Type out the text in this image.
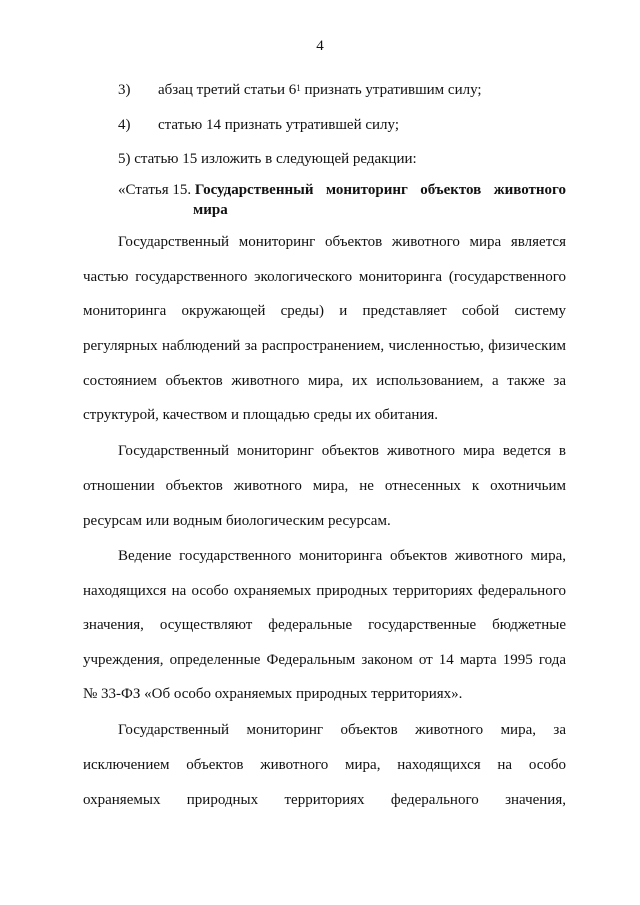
4
3) абзац третий статьи $6^1$ признать утратившим силу;
4) статью 14 признать утратившей силу;
5) статью 15 изложить в следующей редакции:
«Статья 15. Государственный мониторинг объектов животного
мира
Государственный мониторинг объектов животного мира является
частью государственного экологического мониторинга (государственного
мониторинга окружающей среды) и представляет собой систему
регулярных наблюдений за распространением, численностью, физическим
состоянием объектов животного мира, их использованием, а также за
структурой, качеством и площадью среды их обитания.
Государственный мониторинг объектов животного мира ведется в
отношении объектов животного мира, не отнесенных к охотничьим
ресурсам или водным биологическим ресурсам.
Ведение государственного мониторинга объектов животного мира,
находящихся на особо охраняемых природных территориях федерального
значения, осуществляют федеральные государственные бюджетные
учреждения, определенные Федеральным законом от 14 марта 1995 года
№ 33-ФЗ «Об особо охраняемых природных территориях».
Государственный мониторинг объектов животного мира, за
исключением объектов животного мира, находящихся на особо
охраняемых природных территориях федерального значения,
